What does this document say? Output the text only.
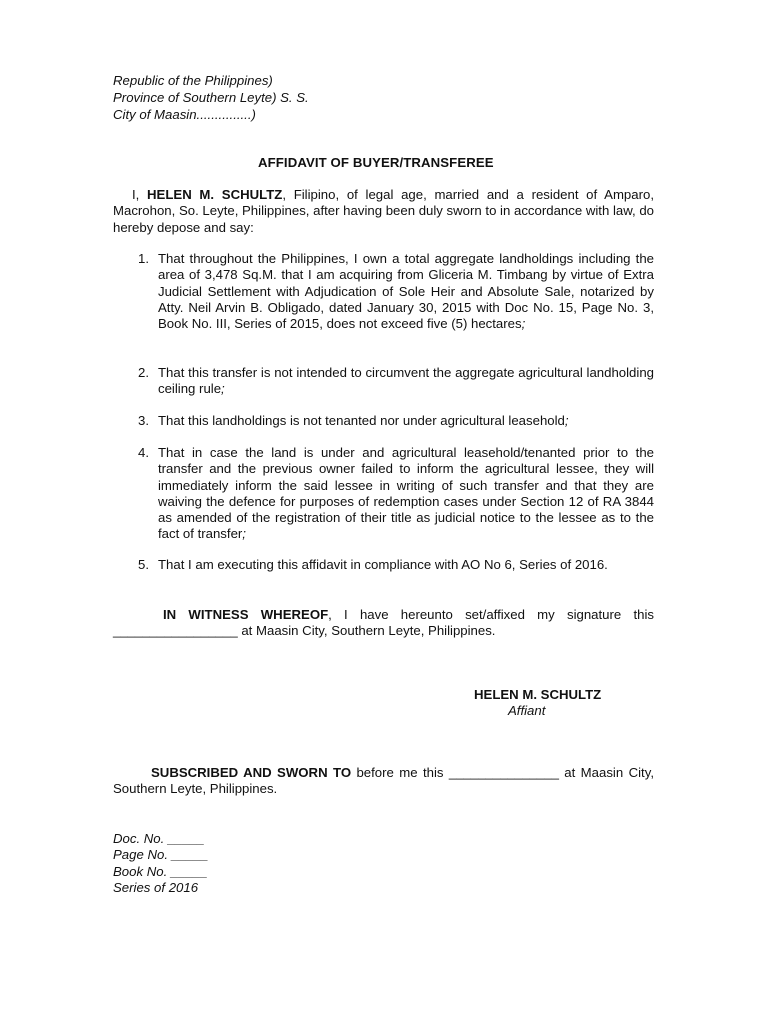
Republic of the Philippines)
Province of Southern Leyte) S. S.
City of Maasin...............)
AFFIDAVIT OF BUYER/TRANSFEREE
I, HELEN M. SCHULTZ, Filipino, of legal age, married and a resident of Amparo, Macrohon, So. Leyte, Philippines, after having been duly sworn to in accordance with law, do hereby depose and say:
1. That throughout the Philippines, I own a total aggregate landholdings including the area of 3,478 Sq.M. that I am acquiring from Gliceria M. Timbang by virtue of Extra Judicial Settlement with Adjudication of Sole Heir and Absolute Sale, notarized by Atty. Neil Arvin B. Obligado, dated January 30, 2015 with Doc No. 15, Page No. 3, Book No. III, Series of 2015, does not exceed five (5) hectares;
2. That this transfer is not intended to circumvent the aggregate agricultural landholding ceiling rule;
3. That this landholdings is not tenanted nor under agricultural leasehold;
4. That in case the land is under and agricultural leasehold/tenanted prior to the transfer and the previous owner failed to inform the agricultural lessee, they will immediately inform the said lessee in writing of such transfer and that they are waiving the defence for purposes of redemption cases under Section 12 of RA 3844 as amended of the registration of their title as judicial notice to the lessee as to the fact of transfer;
5. That I am executing this affidavit in compliance with AO No 6, Series of 2016.
IN WITNESS WHEREOF, I have hereunto set/affixed my signature this _________________ at Maasin City, Southern Leyte, Philippines.
HELEN M. SCHULTZ
Affiant
SUBSCRIBED AND SWORN TO before me this _______________ at Maasin City, Southern Leyte, Philippines.
Doc. No. _____
Page No. _____
Book No. _____
Series of 2016
